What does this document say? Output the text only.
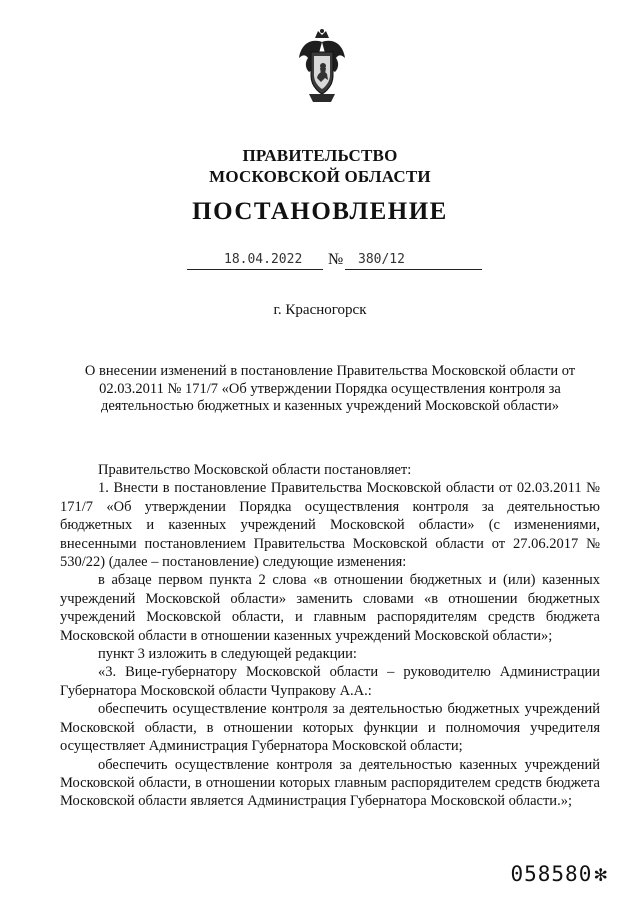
ПРАВИТЕЛЬСТВО
МОСКОВСКОЙ ОБЛАСТИ
ПОСТАНОВЛЕНИЕ
18.04.2022 № 380/12
г. Красногорск
О внесении изменений в постановление Правительства Московской области от 02.03.2011 № 171/7 «Об утверждении Порядка осуществления контроля за деятельностью бюджетных и казенных учреждений Московской области»

Правительство Московской области постановляет:

1. Внести в постановление Правительства Московской области от 02.03.2011 № 171/7 «Об утверждении Порядка осуществления контроля за деятельностью бюджетных и казенных учреждений Московской области» (с изменениями, внесенными постановлением Правительства Московской области от 27.06.2017 № 530/22) (далее – постановление) следующие изменения:

в абзаце первом пункта 2 слова «в отношении бюджетных и (или) казенных учреждений Московской области» заменить словами «в отношении бюджетных учреждений Московской области, и главным распорядителям средств бюджета Московской области в отношении казенных учреждений Московской области»;

пункт 3 изложить в следующей редакции:

«3. Вице-губернатору Московской области – руководителю Администрации Губернатора Московской области Чупракову А.А.:

обеспечить осуществление контроля за деятельностью бюджетных учреждений Московской области, в отношении которых функции и полномочия учредителя осуществляет Администрация Губернатора Московской области;

обеспечить осуществление контроля за деятельностью казенных учреждений Московской области, в отношении которых главным распорядителем средств бюджета Московской области является Администрация Губернатора Московской области.»;

058580✻
